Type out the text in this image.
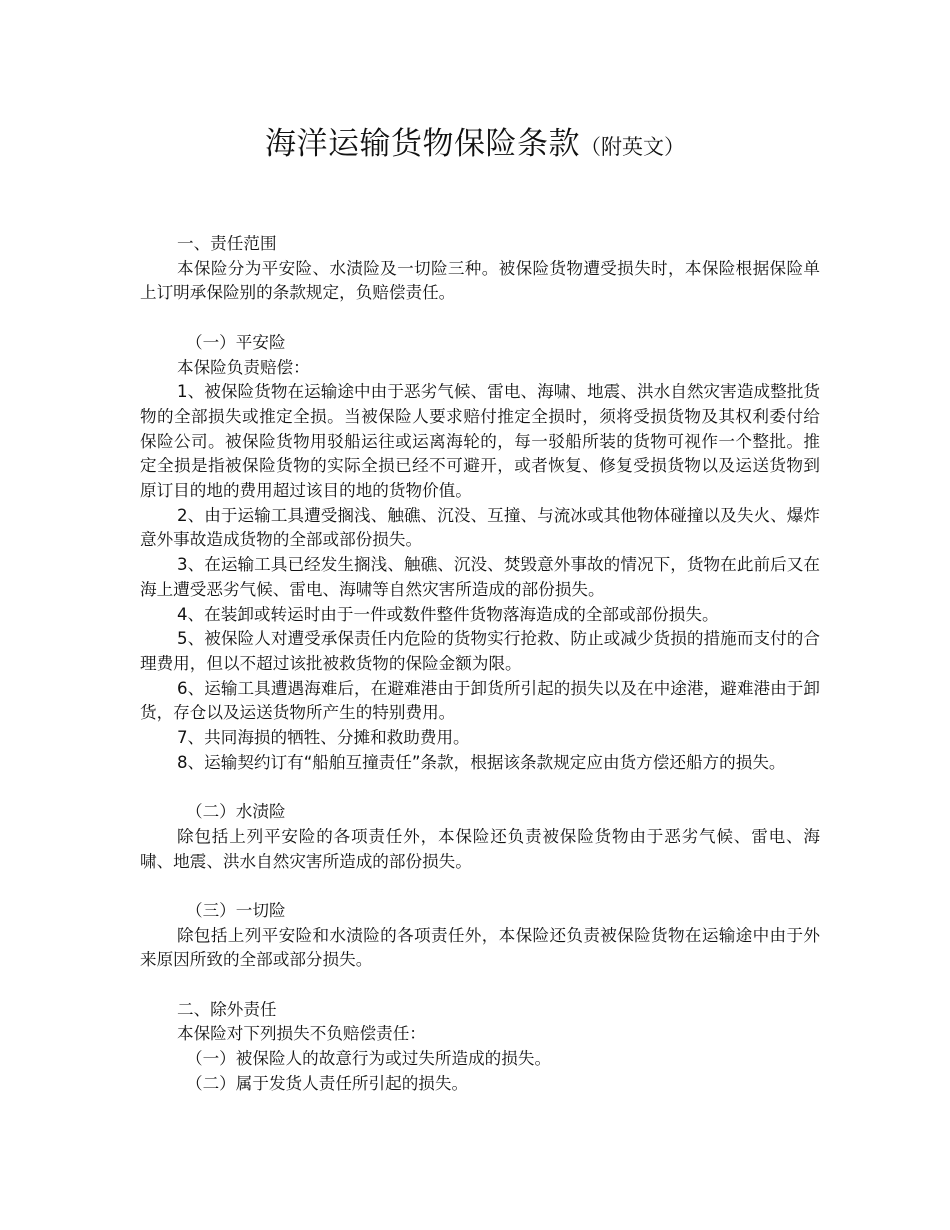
海洋运输货物保险条款（附英文）

一、责任范围

本保险分为平安险、水渍险及一切险三种。被保险货物遭受损失时，本保险根据保险单上订明承保险别的条款规定，负赔偿责任。

（一）平安险

本保险负责赔偿：

1、被保险货物在运输途中由于恶劣气候、雷电、海啸、地震、洪水自然灾害造成整批货物的全部损失或推定全损。当被保险人要求赔付推定全损时，须将受损货物及其权利委付给保险公司。被保险货物用驳船运往或运离海轮的，每一驳船所装的货物可视作一个整批。推定全损是指被保险货物的实际全损已经不可避开，或者恢复、修复受损货物以及运送货物到原订目的地的费用超过该目的地的货物价值。

2、由于运输工具遭受搁浅、触礁、沉没、互撞、与流冰或其他物体碰撞以及失火、爆炸意外事故造成货物的全部或部份损失。

3、在运输工具已经发生搁浅、触礁、沉没、焚毁意外事故的情况下，货物在此前后又在海上遭受恶劣气候、雷电、海啸等自然灾害所造成的部份损失。

4、在装卸或转运时由于一件或数件整件货物落海造成的全部或部份损失。

5、被保险人对遭受承保责任内危险的货物实行抢救、防止或减少货损的措施而支付的合理费用，但以不超过该批被救货物的保险金额为限。

6、运输工具遭遇海难后，在避难港由于卸货所引起的损失以及在中途港，避难港由于卸货，存仓以及运送货物所产生的特别费用。

7、共同海损的牺牲、分摊和救助费用。

8、运输契约订有“船舶互撞责任”条款，根据该条款规定应由货方偿还船方的损失。

（二）水渍险

除包括上列平安险的各项责任外，本保险还负责被保险货物由于恶劣气候、雷电、海啸、地震、洪水自然灾害所造成的部份损失。

（三）一切险

除包括上列平安险和水渍险的各项责任外，本保险还负责被保险货物在运输途中由于外来原因所致的全部或部分损失。

二、除外责任

本保险对下列损失不负赔偿责任：

（一）被保险人的故意行为或过失所造成的损失。

（二）属于发货人责任所引起的损失。
